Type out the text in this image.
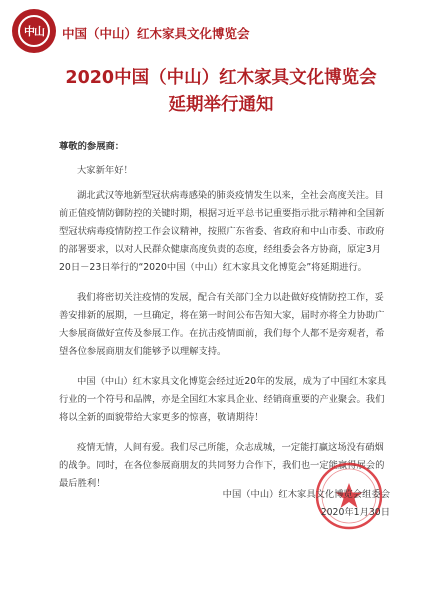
中山 中国（中山）红木家具文化博览会
2020中国（中山）红木家具文化博览会
延期举行通知
尊敬的参展商：

大家新年好！

湖北武汉等地新型冠状病毒感染的肺炎疫情发生以来，全社会高度关注。目前正值疫情防御防控的关键时期，根据习近平总书记重要指示批示精神和全国新型冠状病毒疫情防控工作会议精神，按照广东省委、省政府和中山市委、市政府的部署要求，以对人民群众健康高度负责的态度，经组委会各方协商，原定3月20日－23日举行的“2020中国（中山）红木家具文化博览会”将延期进行。

我们将密切关注疫情的发展，配合有关部门全力以赴做好疫情防控工作，妥善安排新的展期，一旦确定，将在第一时间公布告知大家，届时亦将全力协助广大参展商做好宣传及参展工作。在抗击疫情面前，我们每个人都不是旁观者，希望各位参展商朋友们能够予以理解支持。

中国（中山）红木家具文化博览会经过近20年的发展，成为了中国红木家具行业的一个符号和品牌，亦是全国红木家具企业、经销商重要的产业聚会。我们将以全新的面貌带给大家更多的惊喜，敬请期待！

疫情无情，人间有爱。我们尽己所能，众志成城，一定能打赢这场没有硝烟的战争。同时，在各位参展商朋友的共同努力合作下，我们也一定能赢得展会的最后胜利！

中国（中山）红木家具文化博览会组委会
2020年1月30日
